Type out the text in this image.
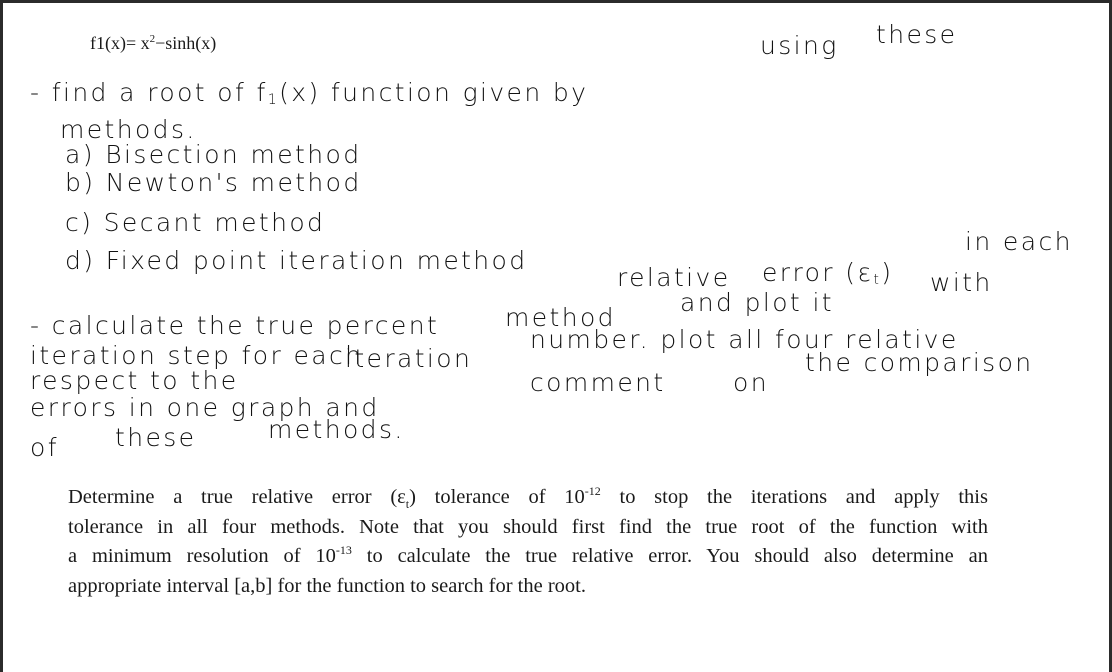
$f1(x)= x^2-\sinh(x)$
- find a root of $f_1(x)$ function given by
using these
methods.
a) Bisection method
b) Newton's method
c) Secant method
d) Fixed point iteration method
- calculate the true percent
relative error $(\varepsilon_t)$
in each
with
iteration step for each
method
and plot it
respect to the
iteration
number. plot all four relative
errors in one graph and
comment	on
the comparison
of these	methods.
Determine a true relative error $(\varepsilon_t)$ tolerance of $10^{-12}$ to stop the iterations and apply this
tolerance in all four methods. Note that you should first find the true root of the function with
a minimum resolution of $10^{-13}$ to calculate the true relative error. You should also determine an
appropriate interval [a,b] for the function to search for the root.
